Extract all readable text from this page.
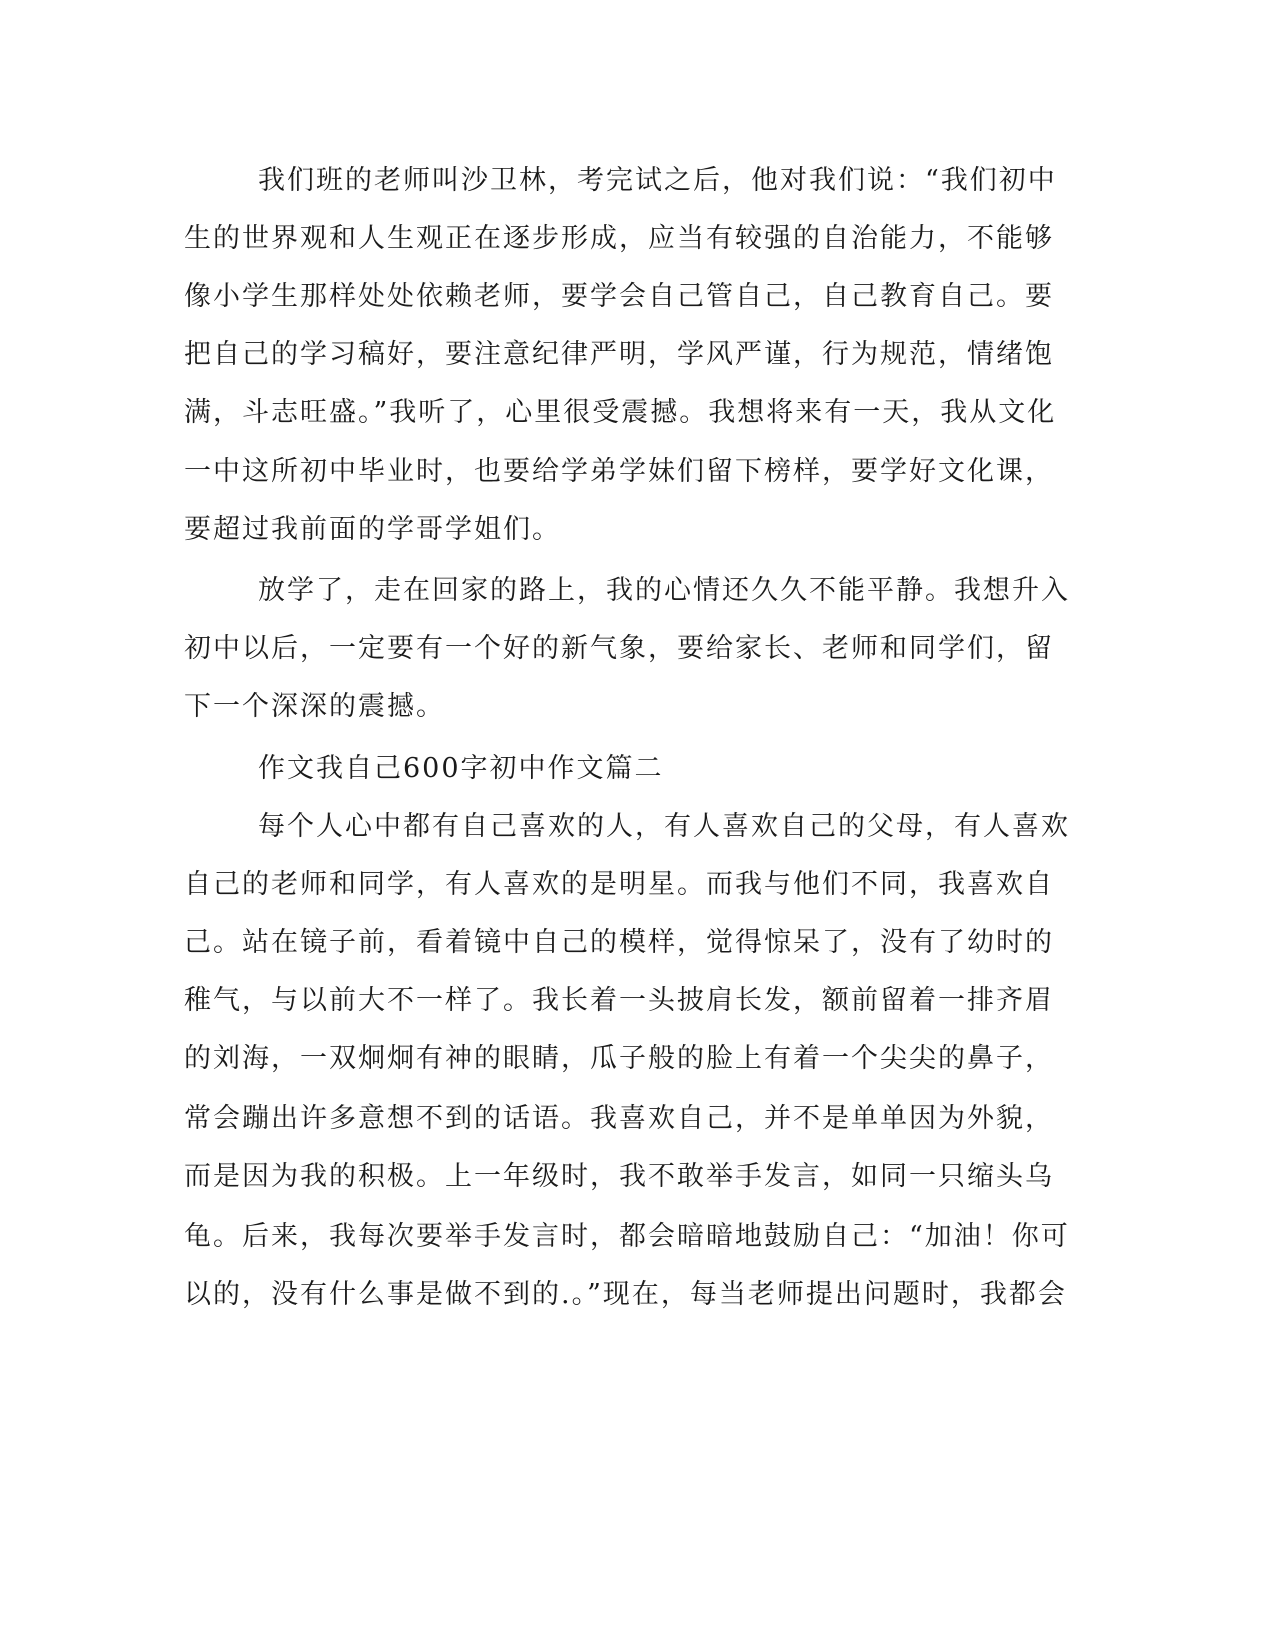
我们班的老师叫沙卫林，考完试之后，他对我们说：“我们初中
生的世界观和人生观正在逐步形成，应当有较强的自治能力，不能够
像小学生那样处处依赖老师，要学会自己管自己，自己教育自己。要
把自己的学习稿好，要注意纪律严明，学风严谨，行为规范，情绪饱
满，斗志旺盛。”我听了，心里很受震撼。我想将来有一天，我从文化
一中这所初中毕业时，也要给学弟学妹们留下榜样，要学好文化课，
要超过我前面的学哥学姐们。
放学了，走在回家的路上，我的心情还久久不能平静。我想升入
初中以后，一定要有一个好的新气象，要给家长、老师和同学们，留
下一个深深的震撼。
作文我自己600字初中作文篇二
每个人心中都有自己喜欢的人，有人喜欢自己的父母，有人喜欢
自己的老师和同学，有人喜欢的是明星。而我与他们不同，我喜欢自
己。站在镜子前，看着镜中自己的模样，觉得惊呆了，没有了幼时的
稚气，与以前大不一样了。我长着一头披肩长发，额前留着一排齐眉
的刘海，一双炯炯有神的眼睛，瓜子般的脸上有着一个尖尖的鼻子，
常会蹦出许多意想不到的话语。我喜欢自己，并不是单单因为外貌，
而是因为我的积极。上一年级时，我不敢举手发言，如同一只缩头乌
龟。后来，我每次要举手发言时，都会暗暗地鼓励自己：“加油！你可
以的，没有什么事是做不到的.。”现在，每当老师提出问题时，我都会
